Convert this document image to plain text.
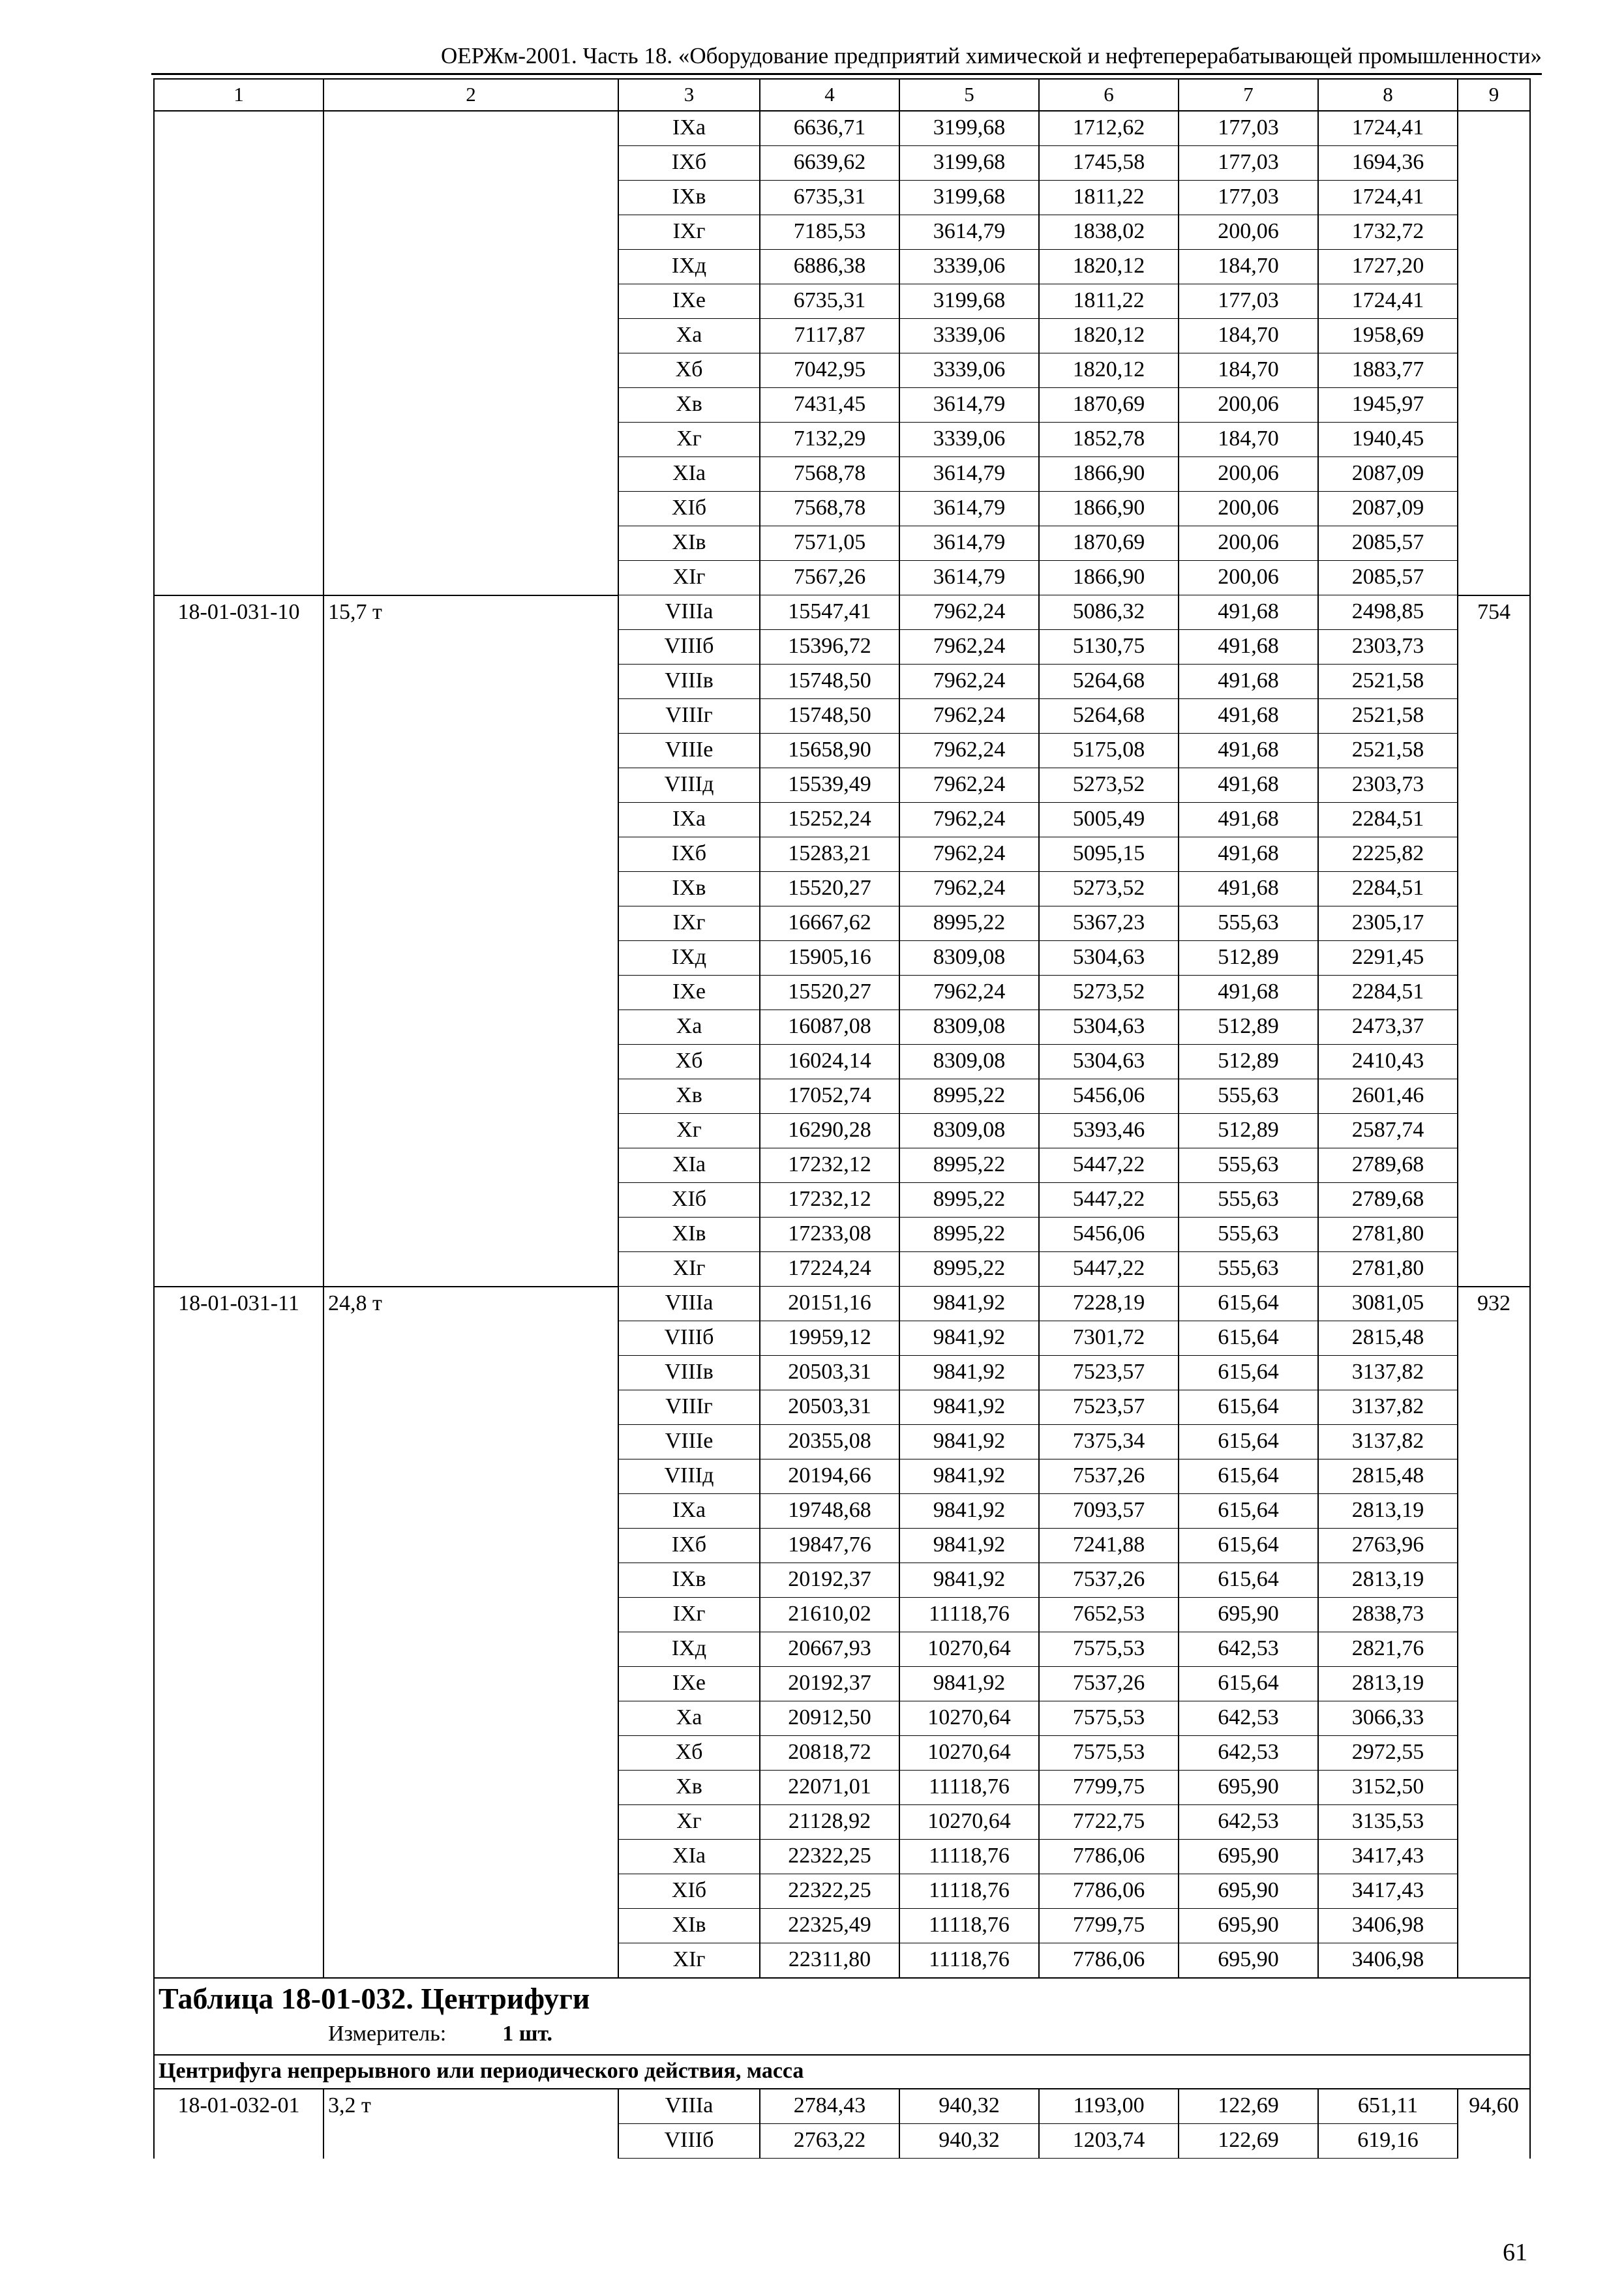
ОЕРЖм-2001. Часть 18. «Оборудование предприятий химической и нефтеперерабатывающей промышленности»
1	2	3	4	5	6	7	8	9
		IXа	6636,71	3199,68	1712,62	177,03	1724,41	
		IXб	6639,62	3199,68	1745,58	177,03	1694,36	
		IXв	6735,31	3199,68	1811,22	177,03	1724,41	
		IXг	7185,53	3614,79	1838,02	200,06	1732,72	
		IXд	6886,38	3339,06	1820,12	184,70	1727,20	
		IXе	6735,31	3199,68	1811,22	177,03	1724,41	
		Xа	7117,87	3339,06	1820,12	184,70	1958,69	
		Xб	7042,95	3339,06	1820,12	184,70	1883,77	
		Xв	7431,45	3614,79	1870,69	200,06	1945,97	
		Xг	7132,29	3339,06	1852,78	184,70	1940,45	
		XIа	7568,78	3614,79	1866,90	200,06	2087,09	
		XIб	7568,78	3614,79	1866,90	200,06	2087,09	
		XIв	7571,05	3614,79	1870,69	200,06	2085,57	
		XIг	7567,26	3614,79	1866,90	200,06	2085,57	
18-01-031-10	15,7 т	VIIIа	15547,41	7962,24	5086,32	491,68	2498,85	754
		VIIIб	15396,72	7962,24	5130,75	491,68	2303,73	
		VIIIв	15748,50	7962,24	5264,68	491,68	2521,58	
		VIIIг	15748,50	7962,24	5264,68	491,68	2521,58	
		VIIIе	15658,90	7962,24	5175,08	491,68	2521,58	
		VIIIд	15539,49	7962,24	5273,52	491,68	2303,73	
		IXа	15252,24	7962,24	5005,49	491,68	2284,51	
		IXб	15283,21	7962,24	5095,15	491,68	2225,82	
		IXв	15520,27	7962,24	5273,52	491,68	2284,51	
		IXг	16667,62	8995,22	5367,23	555,63	2305,17	
		IXд	15905,16	8309,08	5304,63	512,89	2291,45	
		IXе	15520,27	7962,24	5273,52	491,68	2284,51	
		Xа	16087,08	8309,08	5304,63	512,89	2473,37	
		Xб	16024,14	8309,08	5304,63	512,89	2410,43	
		Xв	17052,74	8995,22	5456,06	555,63	2601,46	
		Xг	16290,28	8309,08	5393,46	512,89	2587,74	
		XIа	17232,12	8995,22	5447,22	555,63	2789,68	
		XIб	17232,12	8995,22	5447,22	555,63	2789,68	
		XIв	17233,08	8995,22	5456,06	555,63	2781,80	
		XIг	17224,24	8995,22	5447,22	555,63	2781,80	
18-01-031-11	24,8 т	VIIIа	20151,16	9841,92	7228,19	615,64	3081,05	932
		VIIIб	19959,12	9841,92	7301,72	615,64	2815,48	
		VIIIв	20503,31	9841,92	7523,57	615,64	3137,82	
		VIIIг	20503,31	9841,92	7523,57	615,64	3137,82	
		VIIIе	20355,08	9841,92	7375,34	615,64	3137,82	
		VIIIд	20194,66	9841,92	7537,26	615,64	2815,48	
		IXа	19748,68	9841,92	7093,57	615,64	2813,19	
		IXб	19847,76	9841,92	7241,88	615,64	2763,96	
		IXв	20192,37	9841,92	7537,26	615,64	2813,19	
		IXг	21610,02	11118,76	7652,53	695,90	2838,73	
		IXд	20667,93	10270,64	7575,53	642,53	2821,76	
		IXе	20192,37	9841,92	7537,26	615,64	2813,19	
		Xа	20912,50	10270,64	7575,53	642,53	3066,33	
		Xб	20818,72	10270,64	7575,53	642,53	2972,55	
		Xв	22071,01	11118,76	7799,75	695,90	3152,50	
		Xг	21128,92	10270,64	7722,75	642,53	3135,53	
		XIа	22322,25	11118,76	7786,06	695,90	3417,43	
		XIб	22322,25	11118,76	7786,06	695,90	3417,43	
		XIв	22325,49	11118,76	7799,75	695,90	3406,98	
		XIг	22311,80	11118,76	7786,06	695,90	3406,98	

Таблица 18-01-032. Центрифуги
Измеритель: 1 шт.								

Центрифуга непрерывного или периодического действия, масса								
18-01-032-01	3,2 т	VIIIа	2784,43	940,32	1193,00	122,69	651,11	94,60
		VIIIб	2763,22	940,32	1203,74	122,69	619,16	
61
